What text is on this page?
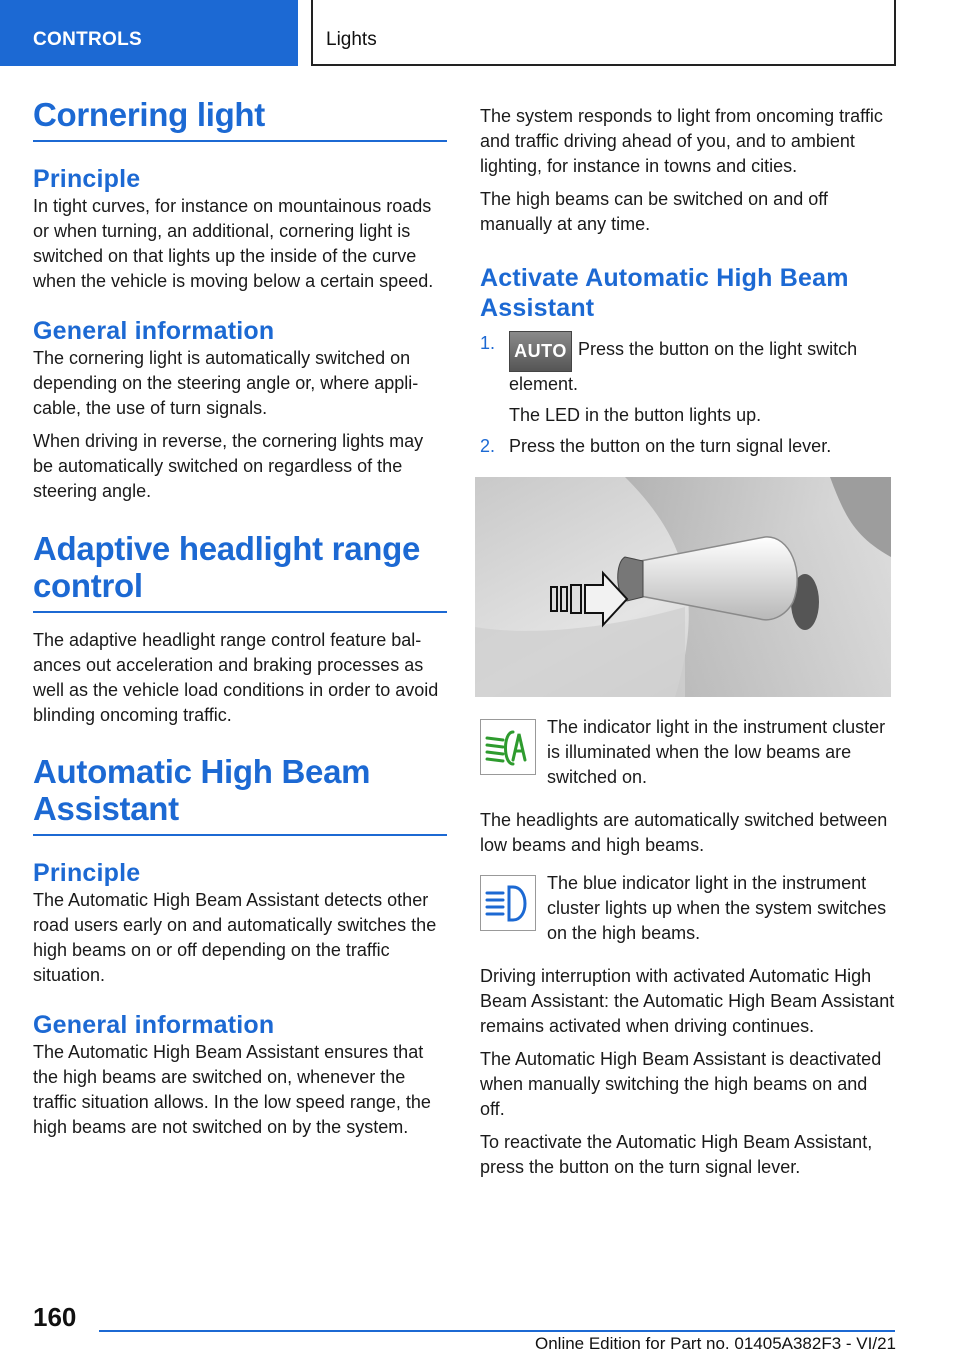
CONTROLS	Lights
Cornering light
Principle

In tight curves, for instance on mountainous roads or when turning, an additional, cornering light is switched on that lights up the inside of the curve when the vehicle is moving below a certain speed.

General information

The cornering light is automatically switched on depending on the steering angle or, where applicable, the use of turn signals.

When driving in reverse, the cornering lights may be automatically switched on regardless of the steering angle.

Adaptive headlight range control

The adaptive headlight range control feature balances out acceleration and braking processes as well as the vehicle load conditions in order to avoid blinding oncoming traffic.

Automatic High Beam Assistant
Principle

The Automatic High Beam Assistant detects other road users early on and automatically switches the high beams on or off depending on the traffic situation.

General information

The Automatic High Beam Assistant ensures that the high beams are switched on, whenever the traffic situation allows. In the low speed range, the high beams are not switched on by the system.

The system responds to light from oncoming traffic and traffic driving ahead of you, and to ambient lighting, for instance in towns and cities.

The high beams can be switched on and off manually at any time.

Activate Automatic High Beam Assistant
1. AUTO Press the button on the light switch element.
The LED in the button lights up.
2. Press the button on the turn signal lever.

The indicator light in the instrument cluster is illuminated when the low beams are switched on.

The headlights are automatically switched between low beams and high beams.

The blue indicator light in the instrument cluster lights up when the system switches on the high beams.

Driving interruption with activated Automatic High Beam Assistant: the Automatic High Beam Assistant remains activated when driving continues.

The Automatic High Beam Assistant is deactivated when manually switching the high beams on and off.

To reactivate the Automatic High Beam Assistant, press the button on the turn signal lever.

160
Online Edition for Part no. 01405A382F3 - VI/21
